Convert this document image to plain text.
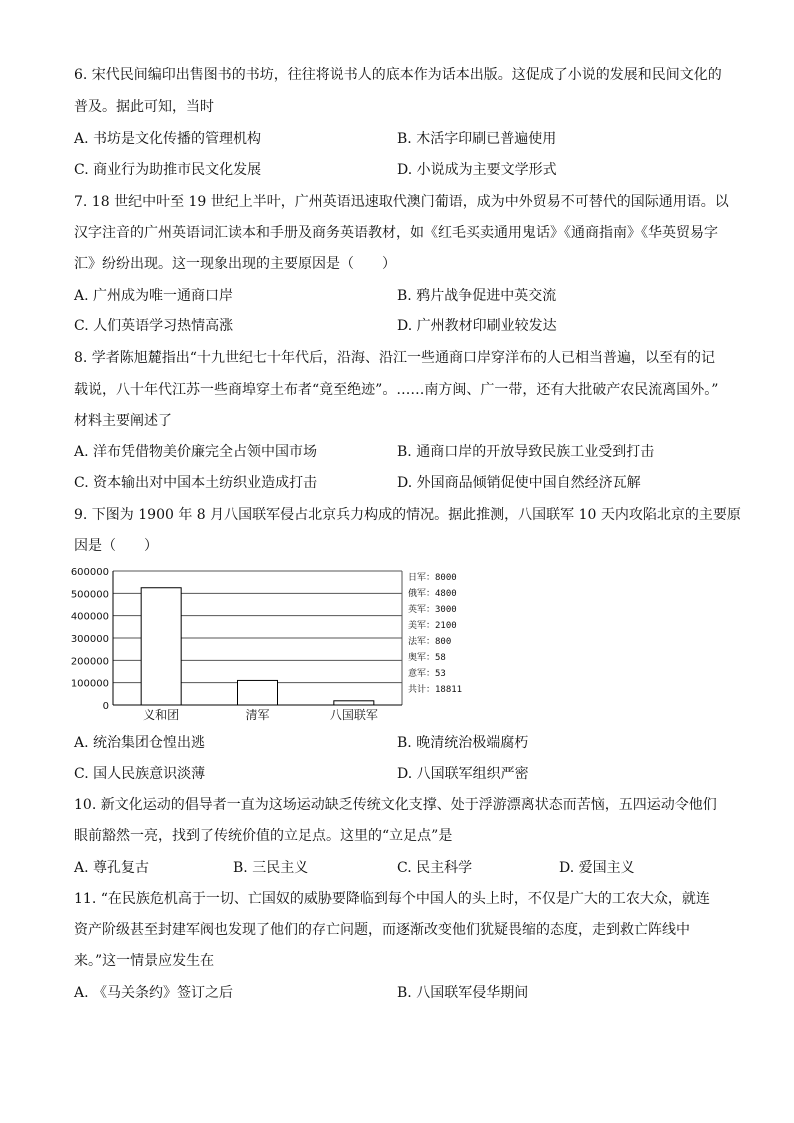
6. 宋代民间编印出售图书的书坊，往往将说书人的底本作为话本出版。这促成了小说的发展和民间文化的
普及。据此可知，当时
A. 书坊是文化传播的管理机构	B. 木活字印刷已普遍使用
C. 商业行为助推市民文化发展	D. 小说成为主要文学形式
7. 18 世纪中叶至 19 世纪上半叶，广州英语迅速取代澳门葡语，成为中外贸易不可替代的国际通用语。以
汉字注音的广州英语词汇读本和手册及商务英语教材，如《红毛买卖通用鬼话》《通商指南》《华英贸易字
汇》纷纷出现。这一现象出现的主要原因是（　　）
A. 广州成为唯一通商口岸	B. 鸦片战争促进中英交流
C. 人们英语学习热情高涨	D. 广州教材印刷业较发达
8. 学者陈旭麓指出“十九世纪七十年代后，沿海、沿江一些通商口岸穿洋布的人已相当普遍，以至有的记
载说，八十年代江苏一些商埠穿土布者“竟至绝迹”。……南方闽、广一带，还有大批破产农民流离国外。”
材料主要阐述了
A. 洋布凭借物美价廉完全占领中国市场	B. 通商口岸的开放导致民族工业受到打击
C. 资本输出对中国本土纺织业造成打击	D. 外国商品倾销促使中国自然经济瓦解
9. 下图为 1900 年 8 月八国联军侵占北京兵力构成的情况。据此推测，八国联军 10 天内攻陷北京的主要原
因是（　　）
600000
500000
400000
300000
200000
100000
0
义和团	清军	八国联军
日军：8000
俄军：4800
英军：3000
美军：2100
法军：800
奥军：58
意军：53
共计：18811
A. 统治集团仓惶出逃	B. 晚清统治极端腐朽
C. 国人民族意识淡薄	D. 八国联军组织严密
10. 新文化运动的倡导者一直为这场运动缺乏传统文化支撑、处于浮游漂离状态而苦恼，五四运动令他们
眼前豁然一亮，找到了传统价值的立足点。这里的“立足点”是
A. 尊孔复古	B. 三民主义	C. 民主科学	D. 爱国主义
11. “在民族危机高于一切、亡国奴的威胁要降临到每个中国人的头上时，不仅是广大的工农大众，就连
资产阶级甚至封建军阀也发现了他们的存亡问题，而逐渐改变他们犹疑畏缩的态度，走到救亡阵线中
来。”这一情景应发生在
A. 《马关条约》签订之后	B. 八国联军侵华期间
